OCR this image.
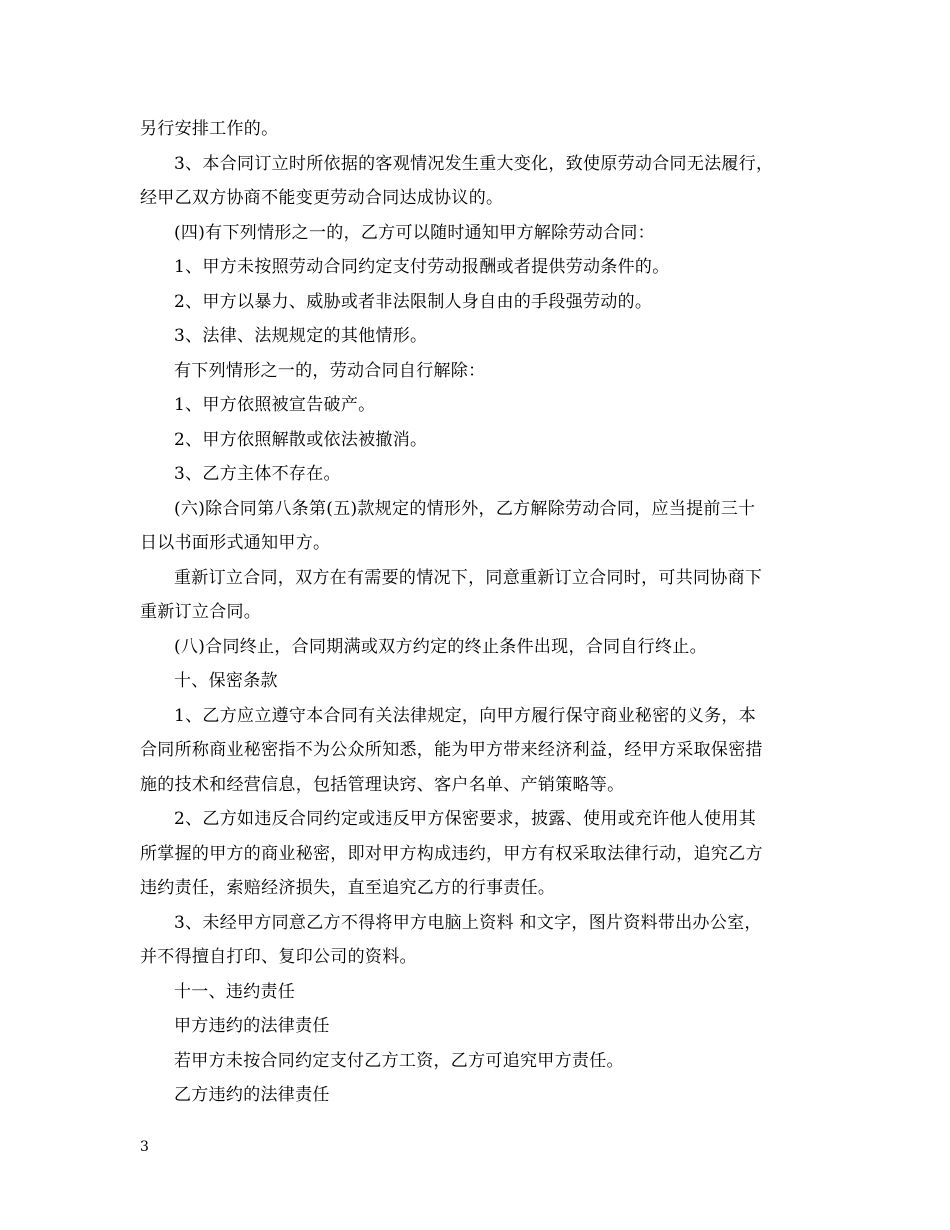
另行安排工作的。
3、本合同订立时所依据的客观情况发生重大变化，致使原劳动合同无法履行，
经甲乙双方协商不能变更劳动合同达成协议的。
(四)有下列情形之一的，乙方可以随时通知甲方解除劳动合同：
1、甲方未按照劳动合同约定支付劳动报酬或者提供劳动条件的。
2、甲方以暴力、威胁或者非法限制人身自由的手段强劳动的。
3、法律、法规规定的其他情形。
有下列情形之一的，劳动合同自行解除：
1、甲方依照被宣告破产。
2、甲方依照解散或依法被撤消。
3、乙方主体不存在。
(六)除合同第八条第(五)款规定的情形外，乙方解除劳动合同，应当提前三十
日以书面形式通知甲方。
重新订立合同，双方在有需要的情况下，同意重新订立合同时，可共同协商下
重新订立合同。
(八)合同终止，合同期满或双方约定的终止条件出现，合同自行终止。
十、保密条款
1、乙方应立遵守本合同有关法律规定，向甲方履行保守商业秘密的义务，本
合同所称商业秘密指不为公众所知悉，能为甲方带来经济利益，经甲方采取保密措
施的技术和经营信息，包括管理诀窍、客户名单、产销策略等。
2、乙方如违反合同约定或违反甲方保密要求，披露、使用或充许他人使用其
所掌握的甲方的商业秘密，即对甲方构成违约，甲方有权采取法律行动，追究乙方
违约责任，索赔经济损失，直至追究乙方的行事责任。
3、未经甲方同意乙方不得将甲方电脑上资料 和文字，图片资料带出办公室，
并不得擅自打印、复印公司的资料。
十一、违约责任
甲方违约的法律责任
若甲方未按合同约定支付乙方工资，乙方可追究甲方责任。
乙方违约的法律责任
3
